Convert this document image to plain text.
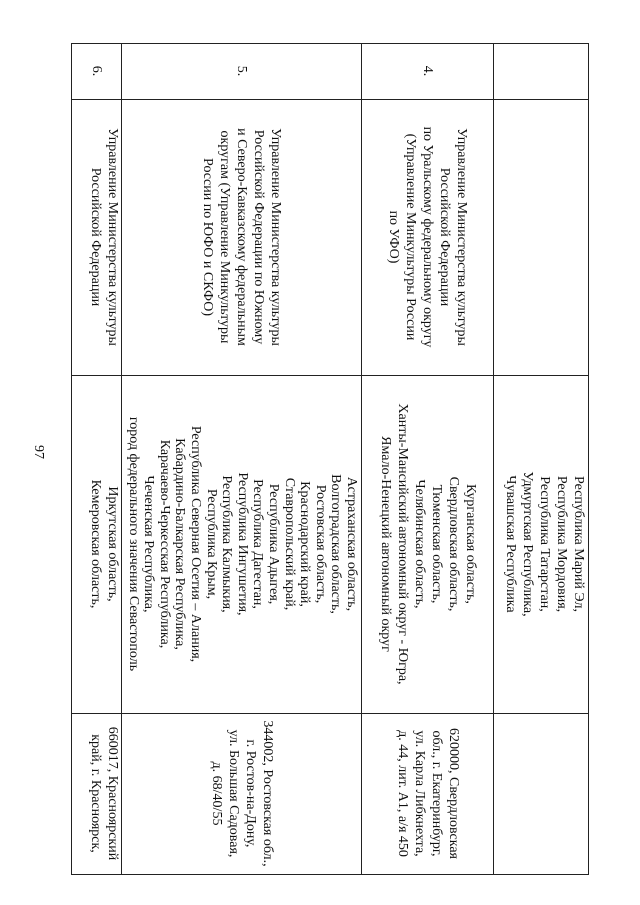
97
Республика Марий Эл,
Республика Мордовия,
Республика Татарстан,
Удмуртская Республика,
Чувашская Республика
4.
Управление Министерства культуры
Российской Федерации
по Уральскому федеральному округу
(Управление Минкультуры России
по УФО)
Курганская область,
Свердловская область,
Тюменская область,
Челябинская область,
Ханты-Мансийский автономный округ - Югра,
Ямало-Ненецкий автономный округ
620000, Свердловская
обл., г. Екатеринбург,
ул. Карла Либкнехта,
д. 44, лит. А1, а/я 450
5.
Управление Министерства культуры
Российской Федерации по Южному
и Северо-Кавказскому федеральным
округам (Управление Минкультуры
России по ЮФО и СКФО)
Астраханская область,
Волгоградская область,
Ростовская область,
Краснодарский край,
Ставропольский край,
Республика Адыгея,
Республика Дагестан,
Республика Ингушетия,
Республика Калмыкия,
Республика Крым,
Республика Северная Осетия – Алания,
Кабардино-Балкарская Республика,
Карачаево-Черкесская Республика,
Чеченская Республика,
город федерального значения Севастополь
344002, Ростовская обл.,
г. Ростов-на-Дону,
ул. Большая Садовая,
д. 68/40/55
6.
Управление Министерства культуры
Российской Федерации
Иркутская область,
Кемеровская область,
660017, Красноярский
край, г. Красноярск,
